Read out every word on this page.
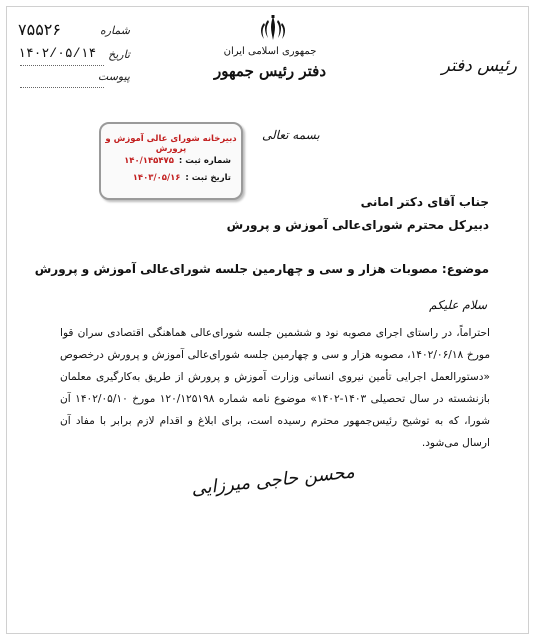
۷۵۵۲۶	شماره
۱۴۰۲/۰۵/۱۴ تاریخ
پیوست
جمهوری اسلامی ایران
دفتر رئیس جمهور	رئیس دفتر
دبیرخانه شورای عالی آموزش و پرورش
شماره ثبت : ۱۴۰/۱۴۵۴۷۵
تاریخ ثبت : ۱۴۰۳/۰۵/۱۶
بسمه تعالی
جناب آقای دکتر امانی
دبیرکل محترم شورای‌عالی آموزش و پرورش
موضوع: مصوبات هزار و سی و چهارمین جلسه شورای‌عالی آموزش و پرورش
سلام علیکم
احتراماً، در راستای اجرای مصوبه نود و ششمین جلسه شورای‌عالی هماهنگی اقتصادی سران قوا مورخ ۱۴۰۲/۰۶/۱۸، مصوبه هزار و سی و چهارمین جلسه شورای‌عالی آموزش و پرورش درخصوص «دستورالعمل اجرایی تأمین نیروی انسانی وزارت آموزش و پرورش از طریق به‌کارگیری معلمان بازنشسته در سال تحصیلی ۱۴۰۳-۱۴۰۲» موضوع نامه شماره ۱۲۰/۱۲۵۱۹۸ مورخ ۱۴۰۲/۰۵/۱۰ آن شورا، که به توشیح رئیس‌جمهور محترم رسیده است، برای ابلاغ و اقدام لازم برابر با مفاد آن ارسال می‌شود.
محسن حاجی میرزایی
